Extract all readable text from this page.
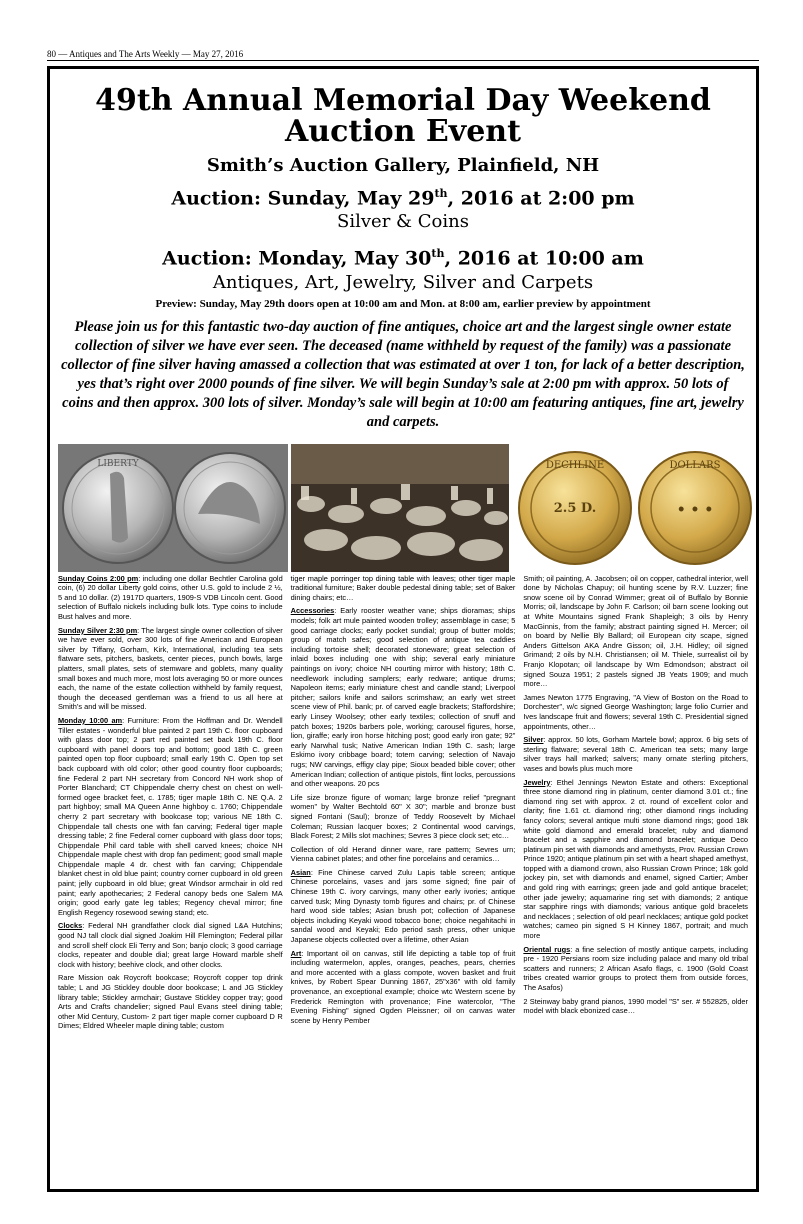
80 — Antiques and The Arts Weekly — May 27, 2016
49th Annual Memorial Day Weekend
Auction Event
Smith’s Auction Gallery, Plainfield, NH
Auction: Sunday, May 29th, 2016 at 2:00 pm
Silver & Coins
Auction: Monday, May 30th, 2016 at 10:00 am
Antiques, Art, Jewelry, Silver and Carpets
Preview: Sunday, May 29th doors open at 10:00 am and Mon. at 8:00 am, earlier preview by appointment
Please join us for this fantastic two-day auction of fine antiques, choice art and the largest single owner estate collection of silver we have ever seen. The deceased (name withheld by request of the family) was a passionate collector of fine silver having amassed a collection that was estimated at over 1 ton, for lack of a better description, yes that’s right over 2000 pounds of fine silver. We will begin Sunday’s sale at 2:00 pm with approx. 50 lots of coins and then approx. 300 lots of silver. Monday’s sale will begin at 10:00 am featuring antiques, fine art, jewelry and carpets.
LIBERTY	DECHLINE
2.5 D.
DOLLARS
• • •

Sunday Coins 2:00 pm: including one dollar Bechtler Carolina gold coin, (6) 20 dollar Liberty gold coins, other U.S. gold to include 2 ½, 5 and 10 dollar. (2) 1917D quarters, 1909-S VDB Lincoln cent. Good selection of Buffalo nickels including bulk lots. Type coins to include Bust halves and more.

Sunday Silver 2:30 pm: The largest single owner collection of silver we have ever sold, over 300 lots of fine American and European silver by Tiffany, Gorham, Kirk, International, including tea sets flatware sets, pitchers, baskets, center pieces, punch bowls, large platters, small plates, sets of stemware and goblets, many quality small boxes and much more, most lots averaging 50 or more ounces each, the name of the estate collection withheld by family request, though the deceased gentleman was a friend to us all here at Smith’s and will be missed.

Monday 10:00 am: Furniture: From the Hoffman and Dr. Wendell Tiller estates - wonderful blue painted 2 part 19th C. floor cupboard with glass door top; 2 part red painted set back 19th C. floor cupboard with panel doors top and bottom; good 18th C. green painted open top floor cupboard; small early 19th C. Open top set back cupboard with old color; other good country floor cupboards; fine Federal 2 part NH secretary from Concord NH work shop of Porter Blanchard; CT Chippendale cherry chest on chest on well-formed ogee bracket feet, c. 1785; tiger maple 18th C. NE Q.A. 2 part highboy; small MA Queen Anne highboy c. 1760; Chippendale cherry 2 part secretary with bookcase top; various NE 18th C. Chippendale tall chests one with fan carving; Federal tiger maple dressing table; 2 fine Federal corner cupboard with glass door tops; Chippendale Phil card table with shell carved knees; choice NH Chippendale maple chest with drop fan pediment; good small maple Chippendale maple 4 dr. chest with fan carving; Chippendale blanket chest in old blue paint; country corner cupboard in old green paint; jelly cupboard in old blue; great Windsor armchair in old red paint; early apothecaries; 2 Federal canopy beds one Salem MA origin; good early gate leg tables; Regency cheval mirror; fine English Regency rosewood sewing stand; etc.

Clocks: Federal NH grandfather clock dial signed L&A Hutchins; good NJ tall clock dial signed Joakim Hill Flemington; Federal pillar and scroll shelf clock Eli Terry and Son; banjo clock; 3 good carriage clocks, repeater and double dial; great large Howard marble shelf clock with history; beehive clock, and other clocks.

Rare Mission oak Roycroft bookcase; Roycroft copper top drink table; L and JG Stickley double door bookcase; L and JG Stickley library table; Stickley armchair; Gustave Stickley copper tray; good Arts and Crafts chandelier; signed Paul Evans steel dining table; other Mid Century, Custom- 2 part tiger maple corner cupboard D R Dimes; Eldred Wheeler maple dining table; custom

tiger maple porringer top dining table with leaves; other tiger maple traditional furniture; Baker double pedestal dining table; set of Baker dining chairs; etc…

Accessories: Early rooster weather vane; ships dioramas; ships models; folk art mule painted wooden trolley; assemblage in case; 5 good carriage clocks; early pocket sundial; group of butter molds; group of match safes; good selection of antique tea caddies including tortoise shell; decorated stoneware; great selection of inlaid boxes including one with ship; several early miniature paintings on ivory; choice NH courting mirror with history; 18th C. needlework including samplers; early redware; antique drums; Napoleon items; early miniature chest and candle stand; Liverpool pitcher; sailors knife and sailors scrimshaw; an early wet street scene view of Phil. bank; pr. of carved eagle brackets; Staffordshire; early Linsey Woolsey; other early textiles; collection of snuff and patch boxes; 1920s barbers pole, working; carousel figures, horse, lion, giraffe; early iron horse hitching post; good early iron gate; 92" early Narwhal tusk; Native American Indian 19th C. sash; large Eskimo ivory cribbage board; totem carving; selection of Navajo rugs; NW carvings, effigy clay pipe; Sioux beaded bible cover; other American Indian; collection of antique pistols, flint locks, percussions and other weapons. 20 pcs

Life size bronze figure of woman; large bronze relief "pregnant women" by Walter Bechtold 60" X 30"; marble and bronze bust signed Fontani (Saul); bronze of Teddy Roosevelt by Michael Coleman; Russian lacquer boxes; 2 Continental wood carvings, Black Forest; 2 Mills slot machines; Sevres 3 piece clock set; etc…

Collection of old Herand dinner ware, rare pattern; Sevres urn; Vienna cabinet plates; and other fine porcelains and ceramics…

Asian: Fine Chinese carved Zulu Lapis table screen; antique Chinese porcelains, vases and jars some signed; fine pair of Chinese 19th C. ivory carvings, many other early ivories; antique carved tusk; Ming Dynasty tomb figures and chairs; pr. of Chinese hard wood side tables; Asian brush pot; collection of Japanese objects including Keyaki wood tobacco bone; choice negahitachi in sandal wood and Keyaki; Edo period sash press, other unique Japanese objects collected over a lifetime, other Asian

Art: Important oil on canvas, still life depicting a table top of fruit including watermelon, apples, oranges, peaches, pears, cherries and more accented with a glass compote, woven basket and fruit knives, by Robert Spear Dunning 1867, 25"x36" with old family provenance, an exceptional example; choice wtc Western scene by Frederick Remington with provenance; Fine watercolor, "The Evening Fishing" signed Ogden Pleissner; oil on canvas water scene by Henry Pember

Smith; oil painting, A. Jacobsen; oil on copper, cathedral interior, well done by Nicholas Chapuy; oil hunting scene by R.V. Luzzer; fine snow scene oil by Conrad Wimmer; great oil of Buffalo by Bonnie Morris; oil, landscape by John F. Carlson; oil barn scene looking out at White Mountains signed Frank Shapleigh; 3 oils by Henry MacGinnis, from the family; abstract painting signed H. Mercer; oil on board by Nellie Bly Ballard; oil European city scape, signed Anders Gittelson AKA Andre Gisson; oil, J.H. Hidley; oil signed Grimand; 2 oils by N.H. Christiansen; oil M. Thiele, surrealist oil by Franjo Klopotan; oil landscape by Wm Edmondson; abstract oil signed Souza 1951; 2 pastels signed JB Yeats 1909; and much more…

James Newton 1775 Engraving, "A View of Boston on the Road to Dorchester", w/c signed George Washington; large folio Currier and Ives landscape fruit and flowers; several 19th C. Presidential signed appointments, other…

Silver: approx. 50 lots, Gorham Martele bowl; approx. 6 big sets of sterling flatware; several 18th C. American tea sets; many large silver trays hall marked; salvers; many ornate sterling pitchers, vases and bowls plus much more

Jewelry: Ethel Jennings Newton Estate and others: Exceptional three stone diamond ring in platinum, center diamond 3.01 ct.; fine diamond ring set with approx. 2 ct. round of excellent color and clarity; fine 1.61 ct. diamond ring; other diamond rings including fancy colors; several antique multi stone diamond rings; good 18k white gold diamond and emerald bracelet; ruby and diamond bracelet and a sapphire and diamond bracelet; antique Deco platinum pin set with diamonds and amethysts, Prov. Russian Crown Prince 1920; antique platinum pin set with a heart shaped amethyst, topped with a diamond crown, also Russian Crown Prince; 18k gold jockey pin, set with diamonds and enamel, signed Cartier; Amber and gold ring with earrings; green jade and gold antique bracelet; other jade jewelry; aquamarine ring set with diamonds; 2 antique star sapphire rings with diamonds; various antique gold bracelets and necklaces ; selection of old pearl necklaces; antique gold pocket watches; cameo pin signed S H Kinney 1867, portrait; and much more

Oriental rugs: a fine selection of mostly antique carpets, including pre - 1920 Persians room size including palace and many old tribal scatters and runners; 2 African Asafo flags, c. 1900 (Gold Coast tribes created warrior groups to protect them from outside forces, The Asafos)

2 Steinway baby grand pianos, 1990 model "S" ser. # 552825, older model with black ebonized case…
